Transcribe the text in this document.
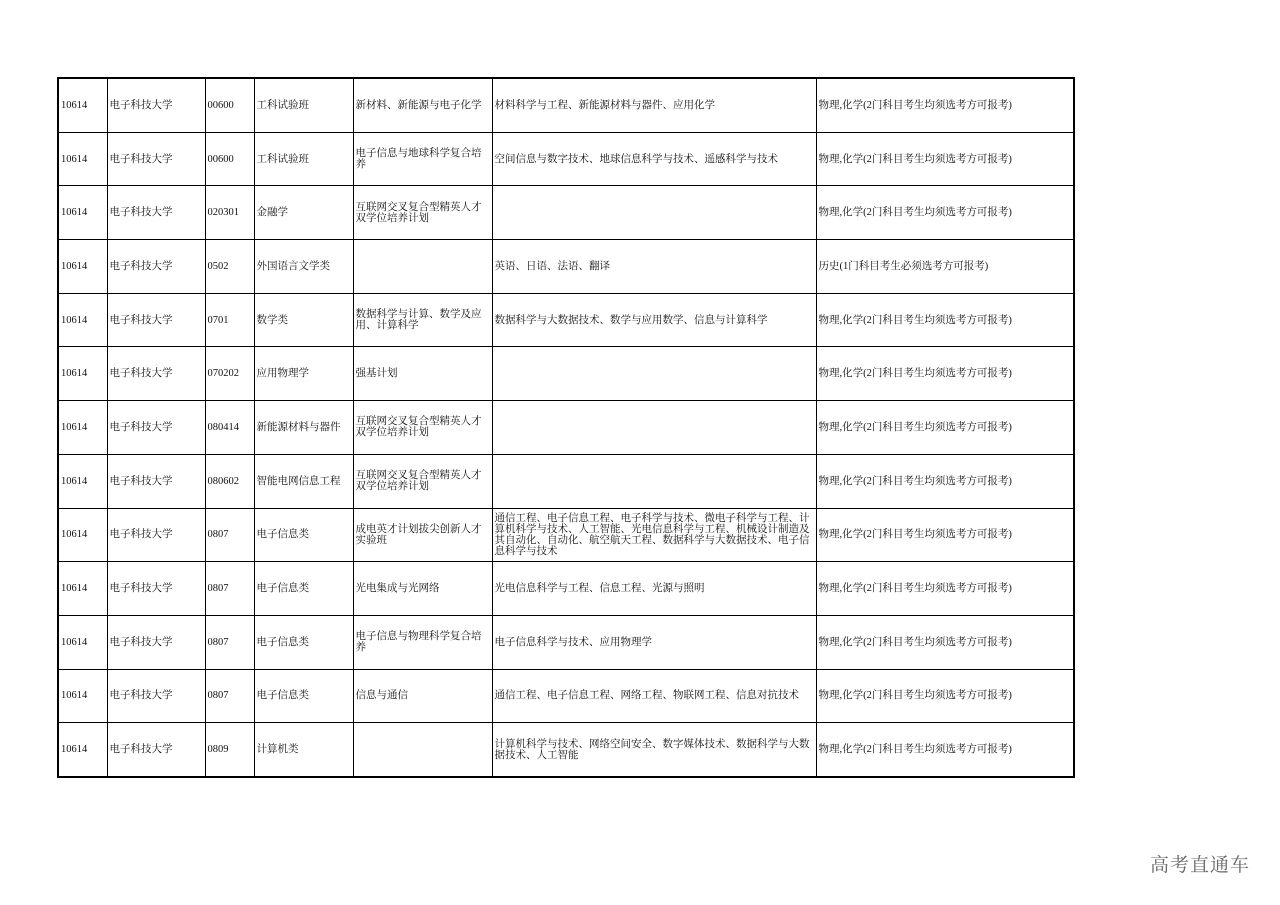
10614	电子科技大学	00600	工科试验班	新材料、新能源与电子化学	材料科学与工程、新能源材料与器件、应用化学	物理,化学(2门科目考生均须选考方可报考)
10614	电子科技大学	00600	工科试验班	电子信息与地球科学复合培养	空间信息与数字技术、地球信息科学与技术、遥感科学与技术	物理,化学(2门科目考生均须选考方可报考)
10614	电子科技大学	020301	金融学	互联网交叉复合型精英人才双学位培养计划		物理,化学(2门科目考生均须选考方可报考)
10614	电子科技大学	0502	外国语言文学类		英语、日语、法语、翻译	历史(1门科目考生必须选考方可报考)
10614	电子科技大学	0701	数学类	数据科学与计算、数学及应用、计算科学	数据科学与大数据技术、数学与应用数学、信息与计算科学	物理,化学(2门科目考生均须选考方可报考)
10614	电子科技大学	070202	应用物理学	强基计划		物理,化学(2门科目考生均须选考方可报考)
10614	电子科技大学	080414	新能源材料与器件	互联网交叉复合型精英人才双学位培养计划		物理,化学(2门科目考生均须选考方可报考)
10614	电子科技大学	080602	智能电网信息工程	互联网交叉复合型精英人才双学位培养计划		物理,化学(2门科目考生均须选考方可报考)
10614	电子科技大学	0807	电子信息类	成电英才计划拔尖创新人才实验班	通信工程、电子信息工程、电子科学与技术、微电子科学与工程、计算机科学与技术、人工智能、光电信息科学与工程、机械设计制造及其自动化、自动化、航空航天工程、数据科学与大数据技术、电子信息科学与技术	物理,化学(2门科目考生均须选考方可报考)
10614	电子科技大学	0807	电子信息类	光电集成与光网络	光电信息科学与工程、信息工程、光源与照明	物理,化学(2门科目考生均须选考方可报考)
10614	电子科技大学	0807	电子信息类	电子信息与物理科学复合培养	电子信息科学与技术、应用物理学	物理,化学(2门科目考生均须选考方可报考)
10614	电子科技大学	0807	电子信息类	信息与通信	通信工程、电子信息工程、网络工程、物联网工程、信息对抗技术	物理,化学(2门科目考生均须选考方可报考)
10614	电子科技大学	0809	计算机类		计算机科学与技术、网络空间安全、数字媒体技术、数据科学与大数据技术、人工智能	物理,化学(2门科目考生均须选考方可报考)
高考直通车
